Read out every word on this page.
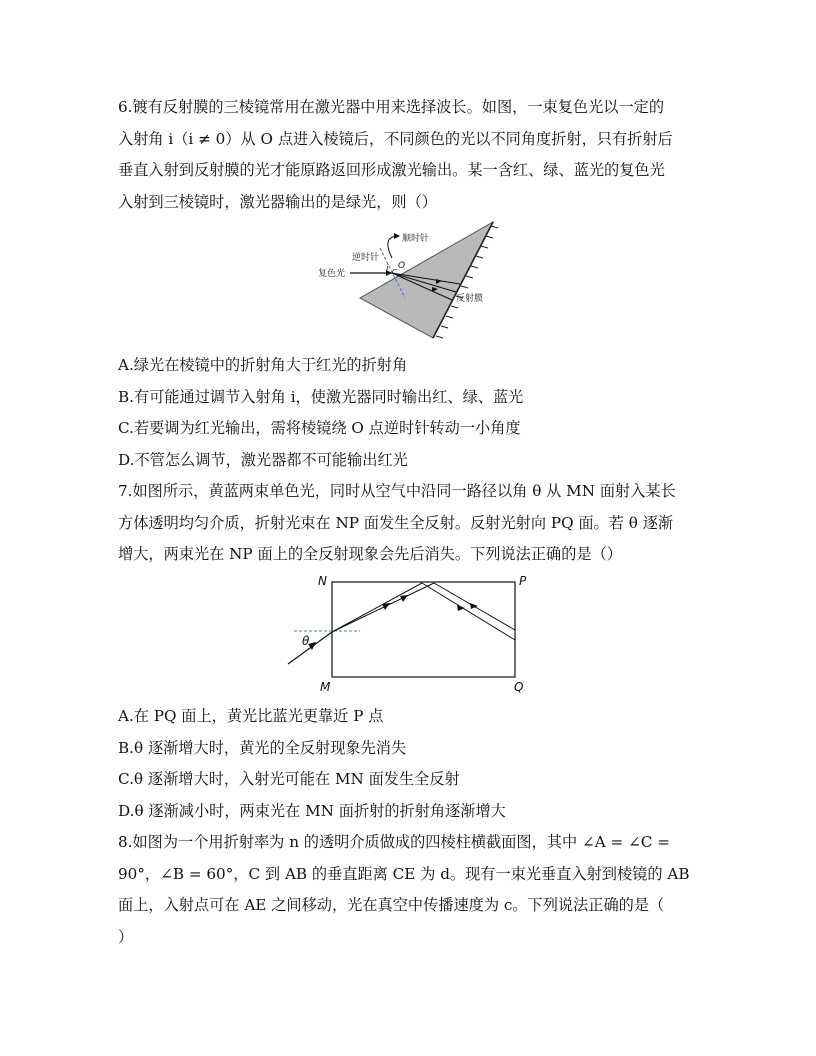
6.镀有反射膜的三棱镜常用在激光器中用来选择波长。如图，一束复色光以一定的
入射角 i（i ≠ 0）从 O 点进入棱镜后，不同颜色的光以不同角度折射，只有折射后
垂直入射到反射膜的光才能原路返回形成激光输出。某一含红、绿、蓝光的复色光
入射到三棱镜时，激光器输出的是绿光，则（）
顺时针
逆时针
复色光	i C
O
反射膜
A.绿光在棱镜中的折射角大于红光的折射角
B.有可能通过调节入射角 i，使激光器同时输出红、绿、蓝光
C.若要调为红光输出，需将棱镜绕 O 点逆时针转动一小角度
D.不管怎么调节，激光器都不可能输出红光
7.如图所示，黄蓝两束单色光，同时从空气中沿同一路径以角 θ 从 MN 面射入某长
方体透明均匀介质，折射光束在 NP 面发生全反射。反射光射向 PQ 面。若 θ 逐渐
增大，两束光在 NP 面上的全反射现象会先后消失。下列说法正确的是（）
N	P
M	Q
θ
A.在 PQ 面上，黄光比蓝光更靠近 P 点
B.θ 逐渐增大时，黄光的全反射现象先消失
C.θ 逐渐增大时，入射光可能在 MN 面发生全反射
D.θ 逐渐减小时，两束光在 MN 面折射的折射角逐渐增大
8.如图为一个用折射率为 n 的透明介质做成的四棱柱横截面图，其中 ∠A = ∠C =
90°，∠B = 60°，C 到 AB 的垂直距离 CE 为 d。现有一束光垂直入射到棱镜的 AB
面上，入射点可在 AE 之间移动，光在真空中传播速度为 c。下列说法正确的是（
）
